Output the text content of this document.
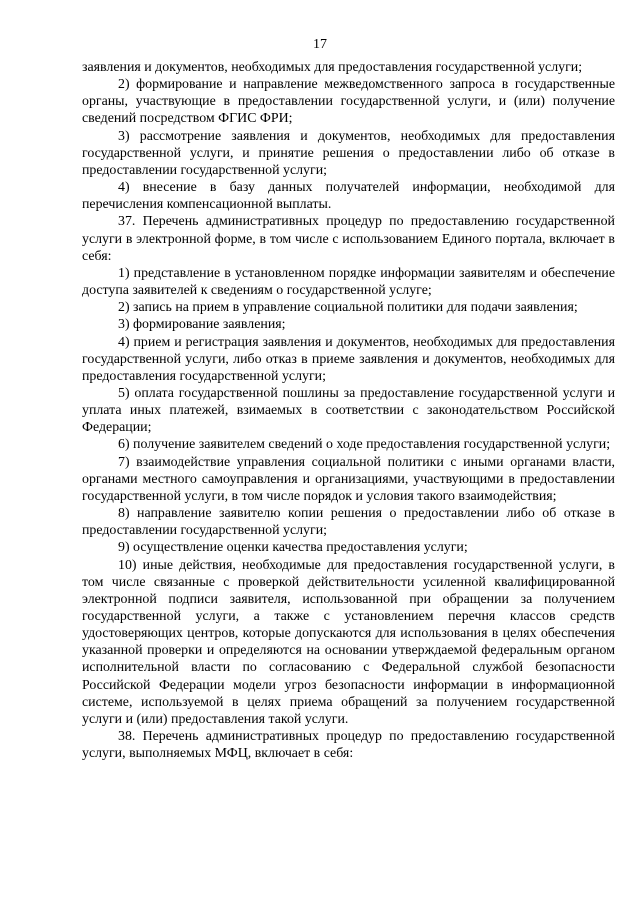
17

заявления и документов, необходимых для предоставления государственной услуги;

2) формирование и направление межведомственного запроса в государственные органы, участвующие в предоставлении государственной услуги, и (или) получение сведений посредством ФГИС ФРИ;

3) рассмотрение заявления и документов, необходимых для предоставления государственной услуги, и принятие решения о предоставлении либо об отказе в предоставлении государственной услуги;

4) внесение в базу данных получателей информации, необходимой для перечисления компенсационной выплаты.

37. Перечень административных процедур по предоставлению государственной услуги в электронной форме, в том числе с использованием Единого портала, включает в себя:

1) представление в установленном порядке информации заявителям и обеспечение доступа заявителей к сведениям о государственной услуге;

2) запись на прием в управление социальной политики для подачи заявления;

3) формирование заявления;

4) прием и регистрация заявления и документов, необходимых для предоставления государственной услуги, либо отказ в приеме заявления и документов, необходимых для предоставления государственной услуги;

5) оплата государственной пошлины за предоставление государственной услуги и уплата иных платежей, взимаемых в соответствии с законодательством Российской Федерации;

6) получение заявителем сведений о ходе предоставления государственной услуги;

7) взаимодействие управления социальной политики с иными органами власти, органами местного самоуправления и организациями, участвующими в предоставлении государственной услуги, в том числе порядок и условия такого взаимодействия;

8) направление заявителю копии решения о предоставлении либо об отказе в предоставлении государственной услуги;

9) осуществление оценки качества предоставления услуги;

10) иные действия, необходимые для предоставления государственной услуги, в том числе связанные с проверкой действительности усиленной квалифицированной электронной подписи заявителя, использованной при обращении за получением государственной услуги, а также с установлением перечня классов средств удостоверяющих центров, которые допускаются для использования в целях обеспечения указанной проверки и определяются на основании утверждаемой федеральным органом исполнительной власти по согласованию с Федеральной службой безопасности Российской Федерации модели угроз безопасности информации в информационной системе, используемой в целях приема обращений за получением государственной услуги и (или) предоставления такой услуги.

38. Перечень административных процедур по предоставлению государственной услуги, выполняемых МФЦ, включает в себя:
